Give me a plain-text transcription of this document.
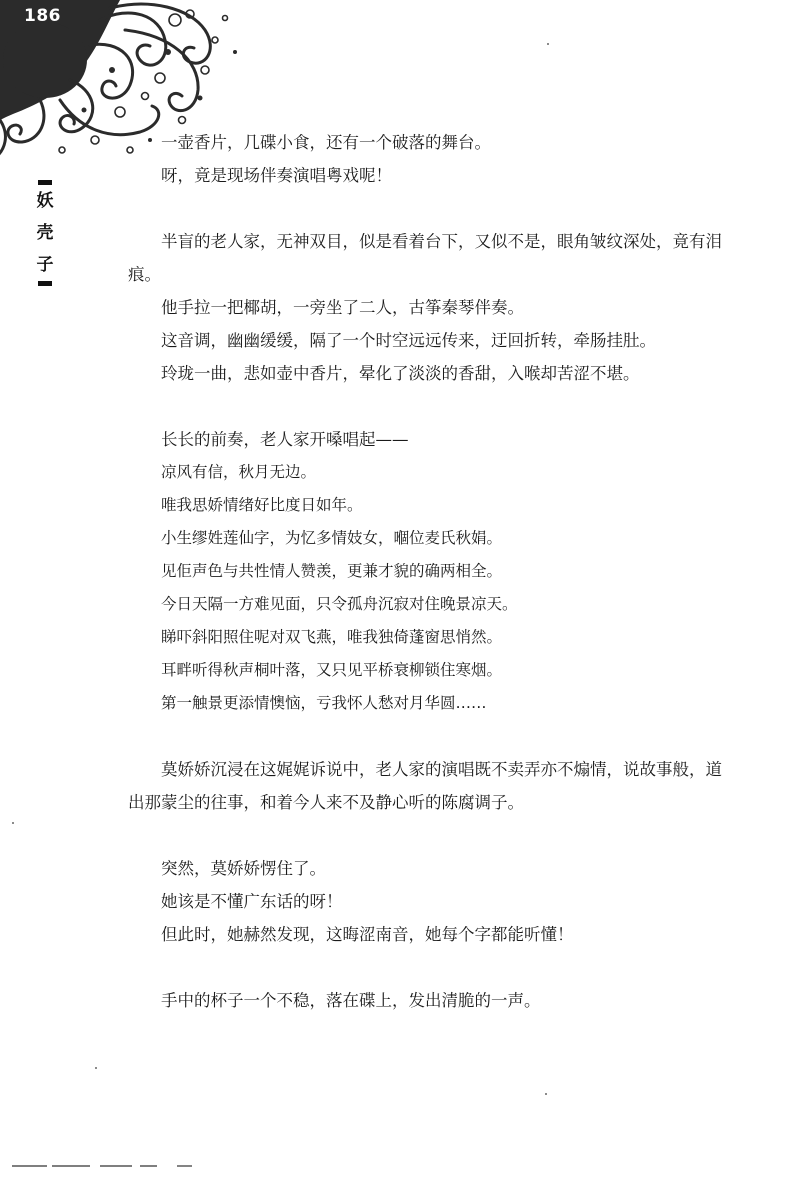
186
妖
壳
子

一壶香片，几碟小食，还有一个破落的舞台。

呀，竟是现场伴奏演唱粤戏呢！

半盲的老人家，无神双目，似是看着台下，又似不是，眼角皱纹深处，竟有泪痕。

他手拉一把椰胡，一旁坐了二人，古筝秦琴伴奏。

这音调，幽幽缓缓，隔了一个时空远远传来，迂回折转，牵肠挂肚。

玲珑一曲，悲如壶中香片，晕化了淡淡的香甜，入喉却苦涩不堪。

长长的前奏，老人家开嗓唱起——

凉风有信，秋月无边。

唯我思娇情绪好比度日如年。

小生缪姓莲仙字，为忆多情妓女，嗰位麦氏秋娟。

见佢声色与共性情人赞羡，更兼才貌的确两相全。

今日天隔一方难见面，只令孤舟沉寂对住晚景凉天。

睇吓斜阳照住呢对双飞燕，唯我独倚蓬窗思悄然。

耳畔听得秋声桐叶落，又只见平桥衰柳锁住寒烟。

第一触景更添情懊恼，亏我怀人愁对月华圆……

莫娇娇沉浸在这娓娓诉说中，老人家的演唱既不卖弄亦不煽情，说故事般，道出那蒙尘的往事，和着今人来不及静心听的陈腐调子。

突然，莫娇娇愣住了。

她该是不懂广东话的呀！

但此时，她赫然发现，这晦涩南音，她每个字都能听懂！

手中的杯子一个不稳，落在碟上，发出清脆的一声。
